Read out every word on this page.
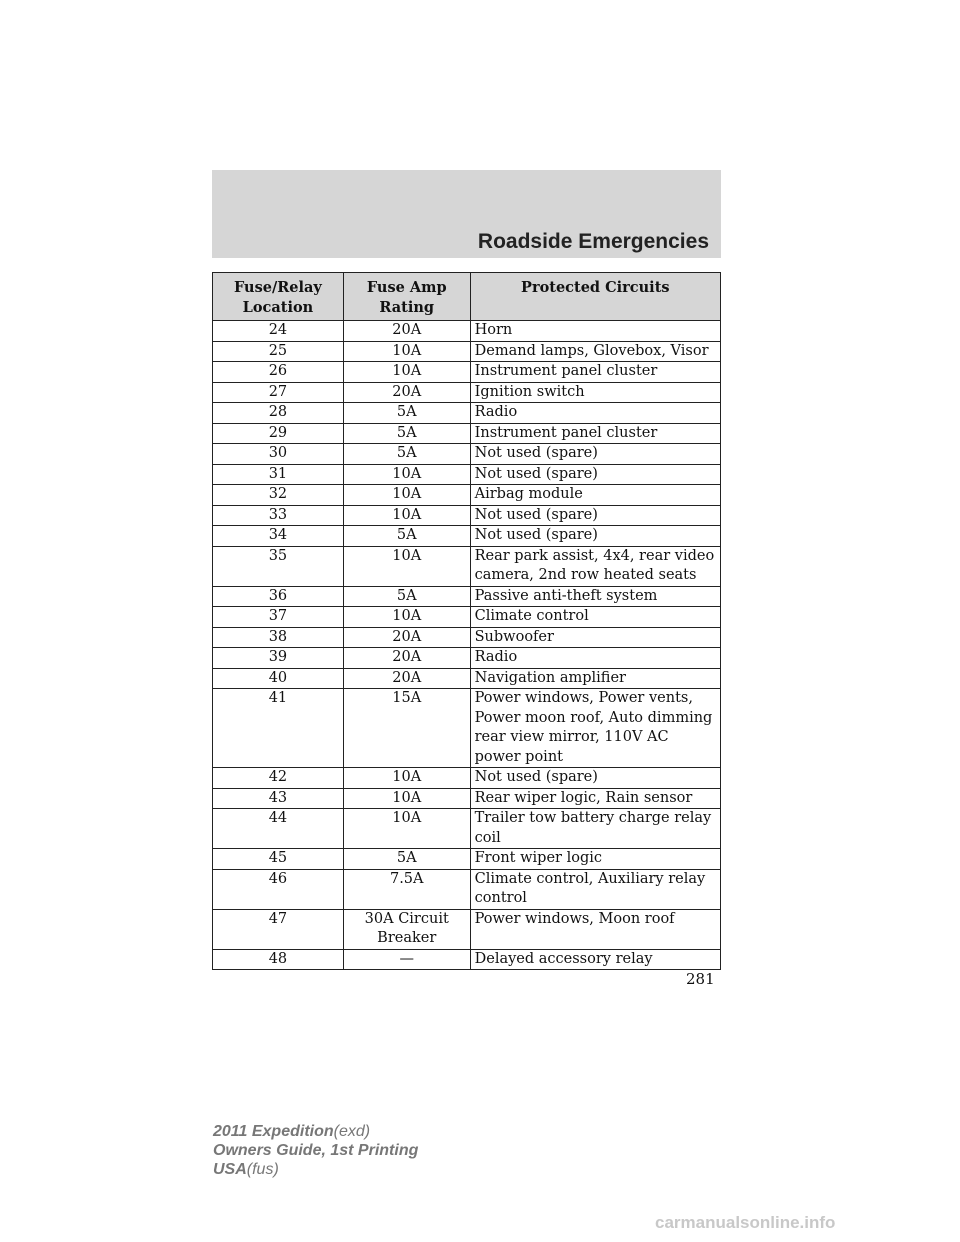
Roadside Emergencies
Fuse/Relay Location	Fuse Amp Rating	Protected Circuits
24	20A	Horn
25	10A	Demand lamps, Glovebox, Visor
26	10A	Instrument panel cluster
27	20A	Ignition switch
28	5A	Radio
29	5A	Instrument panel cluster
30	5A	Not used (spare)
31	10A	Not used (spare)
32	10A	Airbag module
33	10A	Not used (spare)
34	5A	Not used (spare)
35	10A	Rear park assist, 4x4, rear video camera, 2nd row heated seats
36	5A	Passive anti-theft system
37	10A	Climate control
38	20A	Subwoofer
39	20A	Radio
40	20A	Navigation amplifier
41	15A	Power windows, Power vents, Power moon roof, Auto dimming rear view mirror, 110V AC power point
42	10A	Not used (spare)
43	10A	Rear wiper logic, Rain sensor
44	10A	Trailer tow battery charge relay coil
45	5A	Front wiper logic
46	7.5A	Climate control, Auxiliary relay control
47	30A Circuit Breaker	Power windows, Moon roof
48	—	Delayed accessory relay
281
2011 Expedition(exd)
Owners Guide, 1st Printing
USA(fus)
carmanualsonline.info
